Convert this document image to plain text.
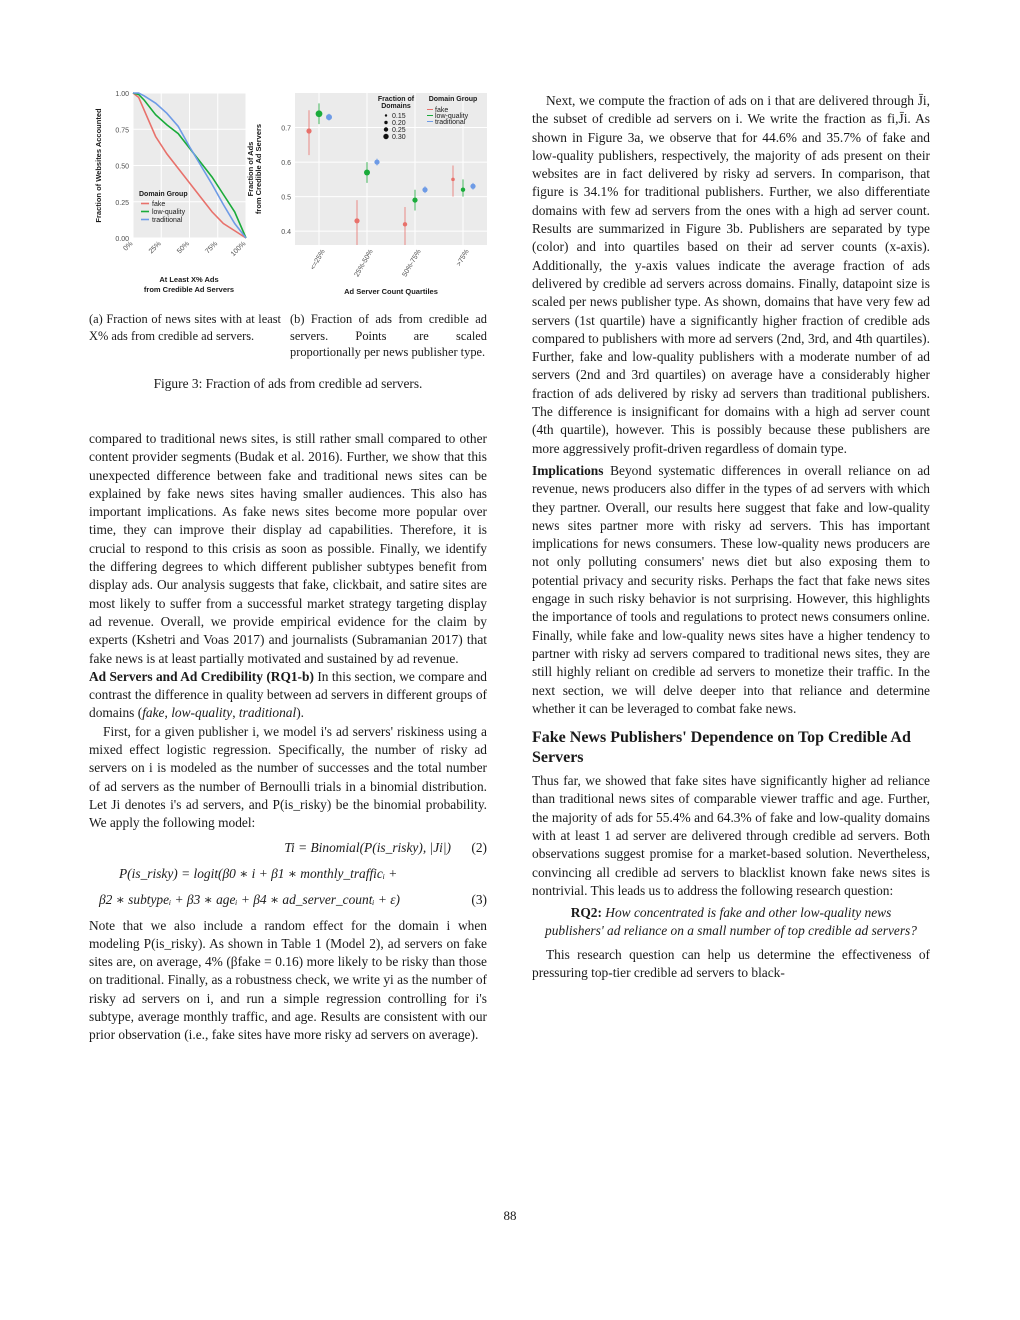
0.00
0.25
0.50
0.75
1.00
0% 25% 50% 75% 100%
Fraction of Websites Accounted
At Least X% Ads
from Credible Ad Servers
Domain Group
fake
low-quality
traditional
0.4
0.5
0.6
0.7
<=25%	25%-50%	50%-75%	>75%
Fraction of Ads from Credible Ad Servers
Ad Server Count Quartiles
Fraction of
Domains
0.15
0.20
0.25
0.30
Domain Group
fake
low-quality
traditional
(a) Fraction of news sites with at least X% ads from credible ad servers.
(b) Fraction of ads from credible ad servers. Points are scaled proportionally per news publisher type.
Figure 3: Fraction of ads from credible ad servers.

compared to traditional news sites, is still rather small compared to other content provider segments (Budak et al. 2016). Further, we show that this unexpected difference between fake and traditional news sites can be explained by fake news sites having smaller audiences. This also has important implications. As fake news sites become more popular over time, they can improve their display ad capabilities. Therefore, it is crucial to respond to this crisis as soon as possible. Finally, we identify the differing degrees to which different publisher subtypes benefit from display ads. Our analysis suggests that fake, clickbait, and satire sites are most likely to suffer from a successful market strategy targeting display ad revenue. Overall, we provide empirical evidence for the claim by experts (Kshetri and Voas 2017) and journalists (Subramanian 2017) that fake news is at least partially motivated and sustained by ad revenue.

Ad Servers and Ad Credibility (RQ1-b) In this section, we compare and contrast the difference in quality between ad servers in different groups of domains (fake, low-quality, traditional).

First, for a given publisher i, we model i's ad servers' riskiness using a mixed effect logistic regression. Specifically, the number of risky ad servers on i is modeled as the number of successes and the total number of ad servers as the number of Bernoulli trials in a binomial distribution. Let Ji denotes i's ad servers, and P(is_risky) be the binomial probability. We apply the following model:

Ti = Binomial(P(is_risky), |Ji|) (2)
P(is_risky) = logit(β0 ∗ i + β1 ∗ monthly_trafficᵢ +
β2 ∗ subtypeᵢ + β3 ∗ ageᵢ + β4 ∗ ad_server_countᵢ + ε)	(3)

Note that we also include a random effect for the domain i when modeling P(is_risky). As shown in Table 1 (Model 2), ad servers on fake sites are, on average, 4% (βfake = 0.16) more likely to be risky than those on traditional. Finally, as a robustness check, we write yi as the number of risky ad servers on i, and run a simple regression controlling for i's subtype, average monthly traffic, and age. Results are consistent with our prior observation (i.e., fake sites have more risky ad servers on average).

Next, we compute the fraction of ads on i that are delivered through J̄i, the subset of credible ad servers on i. We write the fraction as fi,J̄i. As shown in Figure 3a, we observe that for 44.6% and 35.7% of fake and low-quality publishers, respectively, the majority of ads present on their websites are in fact delivered by risky ad servers. In comparison, that figure is 34.1% for traditional publishers. Further, we also differentiate domains with few ad servers from the ones with a high ad server count. Results are summarized in Figure 3b. Publishers are separated by type (color) and into quartiles based on their ad server counts (x-axis). Additionally, the y-axis values indicate the average fraction of ads delivered by credible ad servers across domains. Finally, datapoint size is scaled per news publisher type. As shown, domains that have very few ad servers (1st quartile) have a significantly higher fraction of credible ads compared to publishers with more ad servers (2nd, 3rd, and 4th quartiles). Further, fake and low-quality publishers with a moderate number of ad servers (2nd and 3rd quartiles) on average have a considerably higher fraction of ads delivered by risky ad servers than traditional publishers. The difference is insignificant for domains with a high ad server count (4th quartile), however. This is possibly because these publishers are more aggressively profit-driven regardless of domain type.

Implications Beyond systematic differences in overall reliance on ad revenue, news producers also differ in the types of ad servers with which they partner. Overall, our results here suggest that fake and low-quality news sites partner more with risky ad servers. This has important implications for news consumers. These low-quality news producers are not only polluting consumers' news diet but also exposing them to potential privacy and security risks. Perhaps the fact that fake news sites engage in such risky behavior is not surprising. However, this highlights the importance of tools and regulations to protect news consumers online. Finally, while fake and low-quality news sites have a higher tendency to partner with risky ad servers compared to traditional news sites, they are still highly reliant on credible ad servers to monetize their traffic. In the next section, we will delve deeper into that reliance and determine whether it can be leveraged to combat fake news.

Fake News Publishers' Dependence on Top Credible Ad Servers

Thus far, we showed that fake sites have significantly higher ad reliance than traditional news sites of comparable viewer traffic and age. Further, the majority of ads for 55.4% and 64.3% of fake and low-quality domains with at least 1 ad server are delivered through credible ad servers. Both observations suggest promise for a market-based solution. Nevertheless, convincing all credible ad servers to blacklist known fake news sites is nontrivial. This leads us to address the following research question:

RQ2: How concentrated is fake and other low-quality news publishers' ad reliance on a small number of top credible ad servers?

This research question can help us determine the effectiveness of pressuring top-tier credible ad servers to black-

88
